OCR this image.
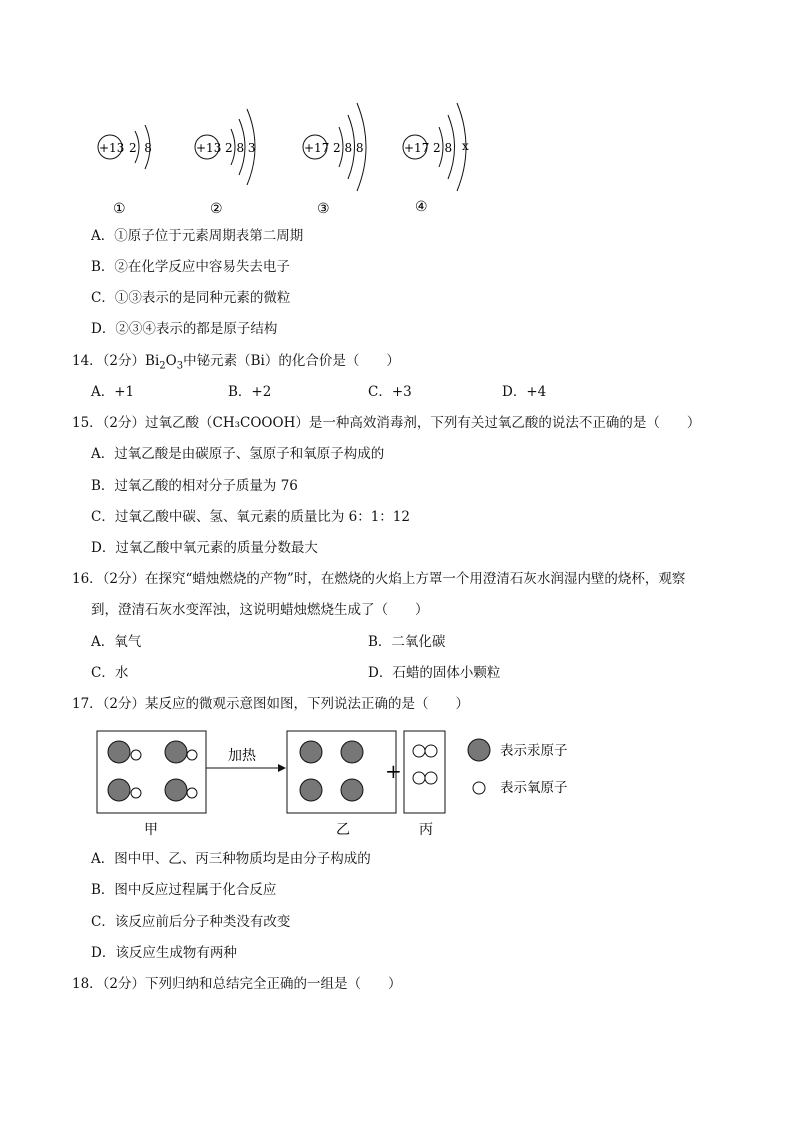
+13 2  8
①
+13 2 8 3
②
+17 2 8 8
③
+17 2 8 x
④
A．①原子位于元素周期表第二周期
B．②在化学反应中容易失去电子
C．①③表示的是同种元素的微粒
D．②③④表示的都是原子结构
14．（2分）$Bi_2O_3$中铋元素（Bi）的化合价是（　　）
A．+1	B．+2	C．+3	D．+4
15．（2分）过氧乙酸（CH₃COOOH）是一种高效消毒剂，下列有关过氧乙酸的说法不正确的是（　　）
A．过氧乙酸是由碳原子、氢原子和氧原子构成的
B．过氧乙酸的相对分子质量为 76
C．过氧乙酸中碳、氢、氧元素的质量比为 6：1：12
D．过氧乙酸中氧元素的质量分数最大
16．（2分）在探究“蜡烛燃烧的产物”时，在燃烧的火焰上方罩一个用澄清石灰水润湿内壁的烧杯，观察
到，澄清石灰水变浑浊，这说明蜡烛燃烧生成了（　　）
A．氧气	B．二氧化碳
C．水	D．石蜡的固体小颗粒
17．（2分）某反应的微观示意图如图，下列说法正确的是（　　）
加热
+
表示汞原子
表示氧原子
甲	乙	丙
A．图中甲、乙、丙三种物质均是由分子构成的
B．图中反应过程属于化合反应
C．该反应前后分子种类没有改变
D．该反应生成物有两种
18．（2分）下列归纳和总结完全正确的一组是（　　）
